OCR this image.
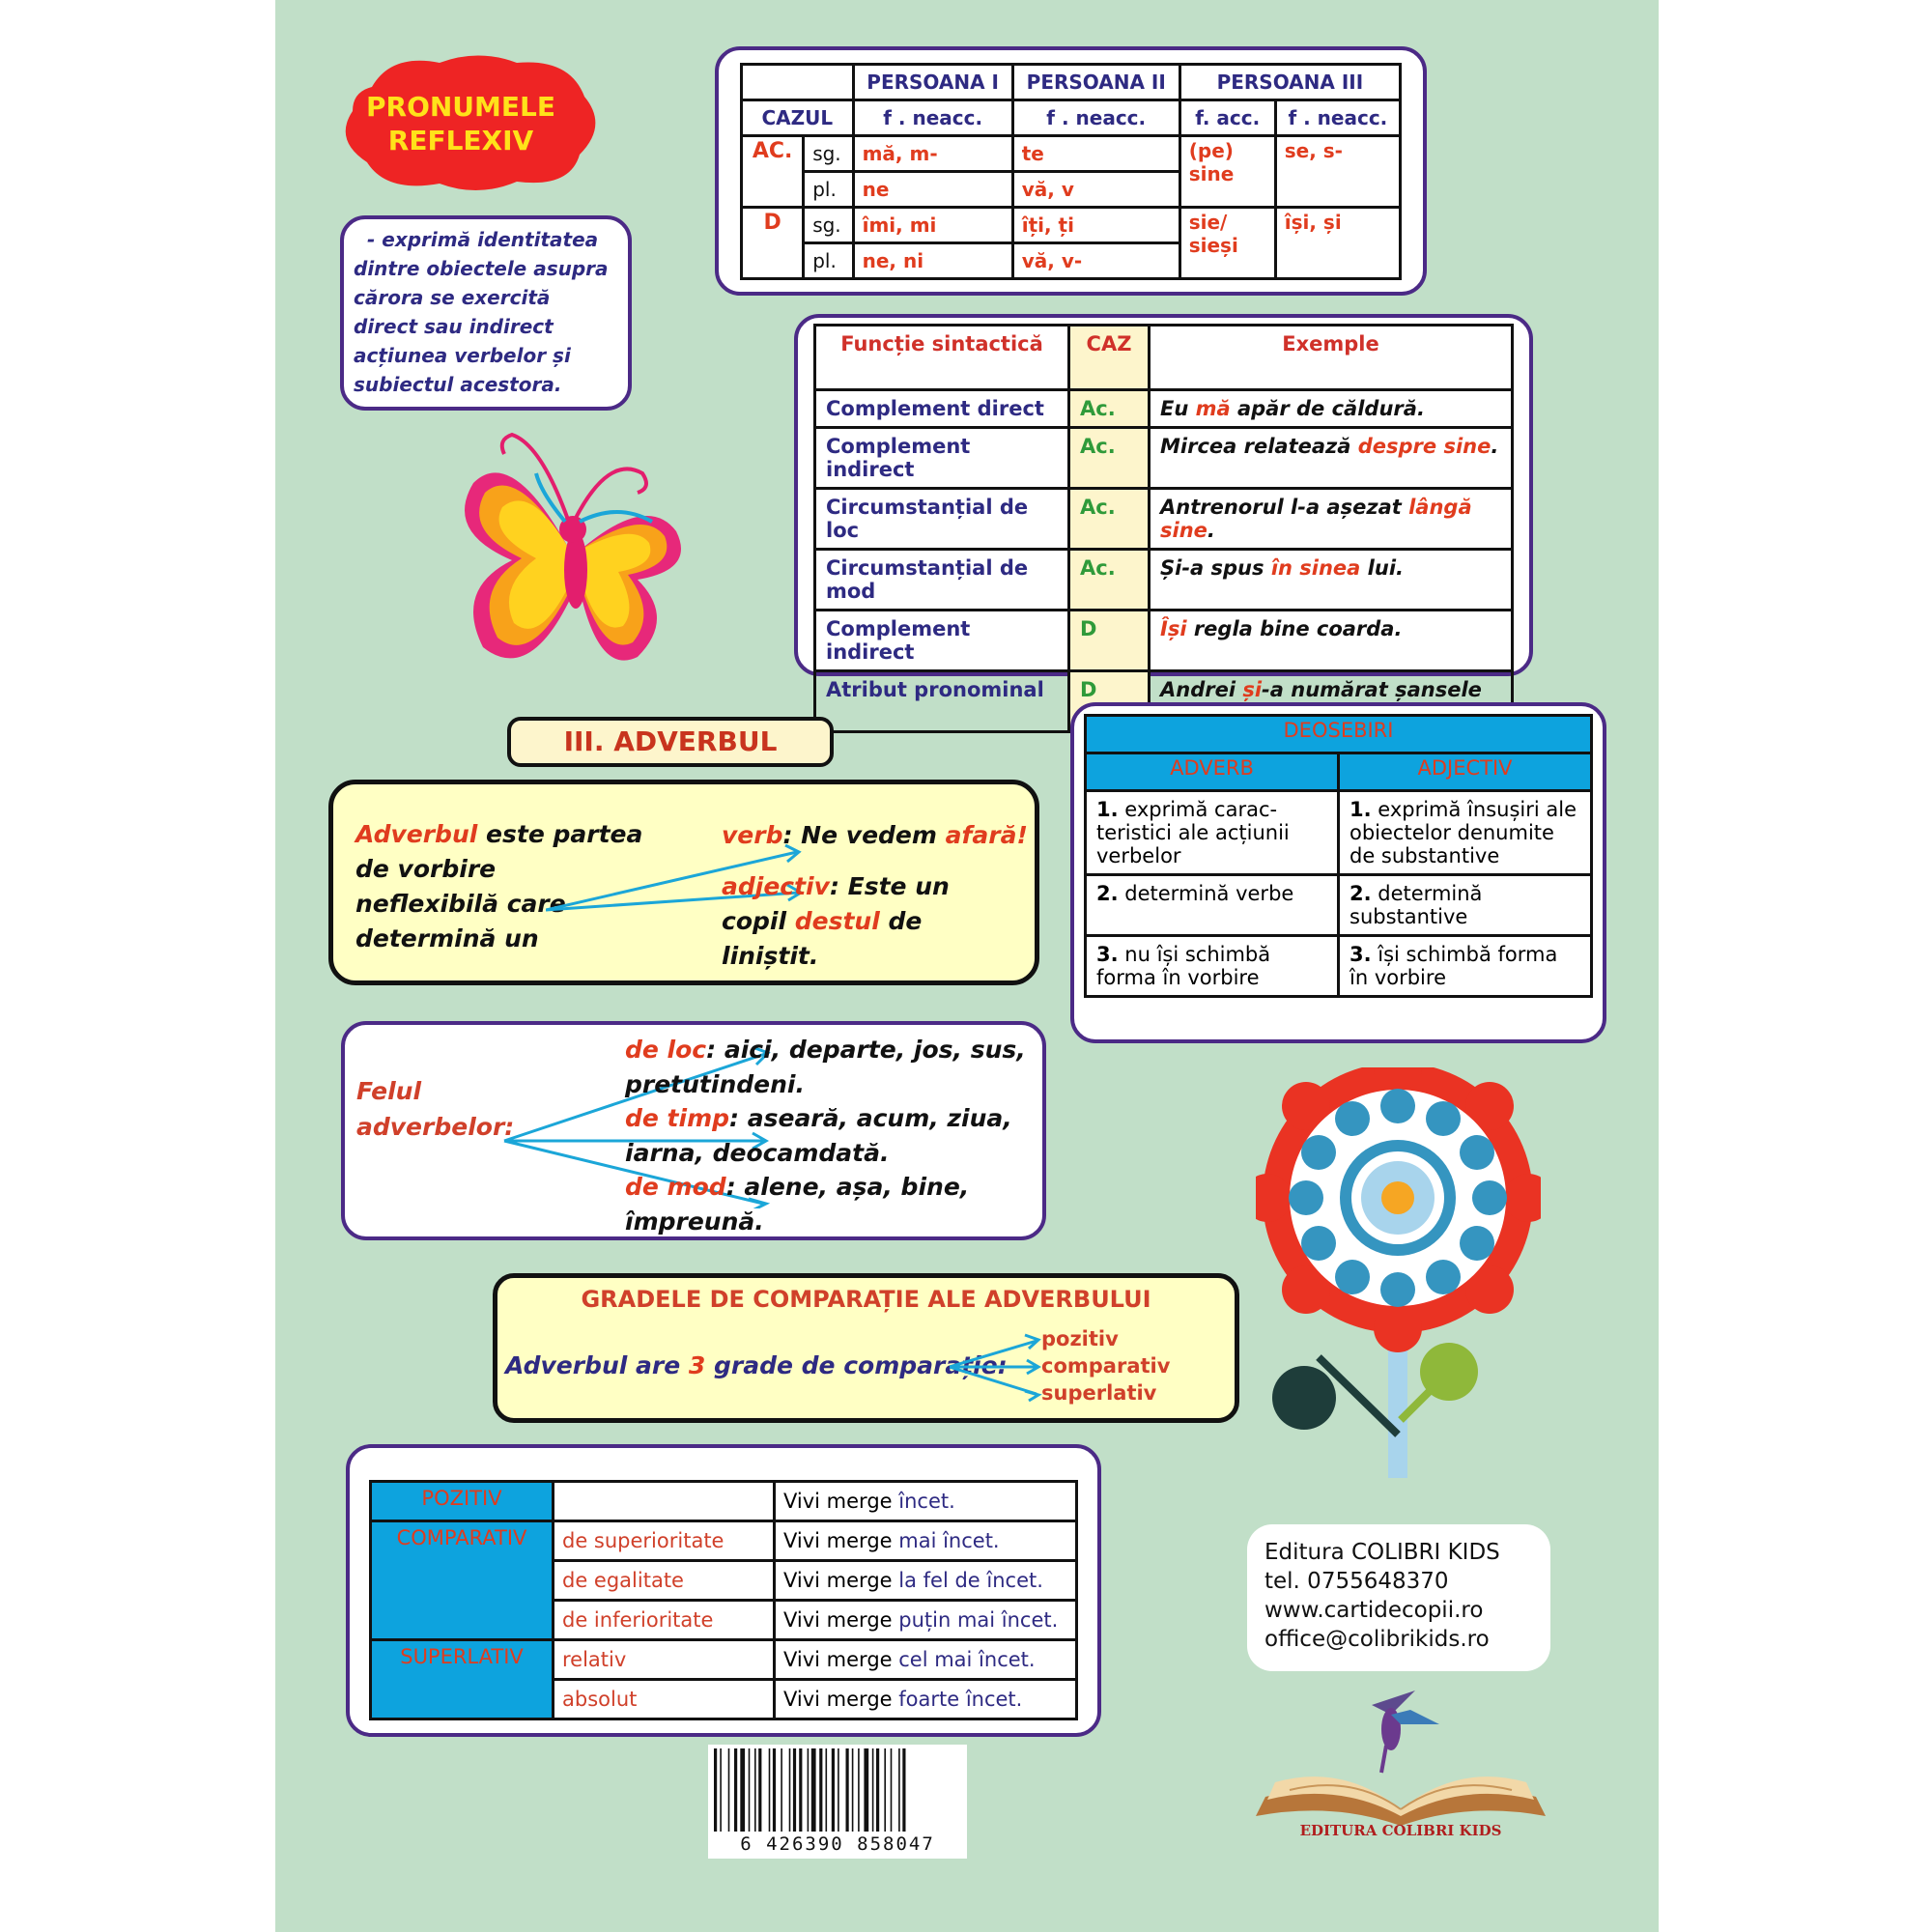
PRONUMELE
REFLEXIV
- exprimă identitatea dintre obiectele asupra cărora se exercită direct sau indirect acțiunea verbelor și subiectul acestora.
		PERSOANA I	PERSOANA II	PERSOANA III	
CAZUL		f . neacc.	f . neacc.	f. acc.	f . neacc.
AC.	sg.	mă, m-	te	(pe) sine	se, s-
	pl.	ne	vă, v		
D	sg.	îmi, mi	îți, ți	sie/ sieși	își, și
	pl.	ne, ni	vă, v-		
Funcție sintactică	CAZ	Exemple
Complement direct	Ac.	Eu mă apăr de căldură.
Complement indirect	Ac.	Mircea relatează despre sine.
Circumstanțial de loc	Ac.	Antrenorul l-a așezat lângă sine.
Circumstanțial de mod	Ac.	Și-a spus în sinea lui.
Complement indirect	D	Își regla bine coarda.
Atribut pronominal	D	Andrei și-a numărat șansele
III. ADVERBUL
Adverbul este partea de vorbire neflexibilă care determină un
verb: Ne vedem afară!
adjectiv: Este un copil destul de liniștit.
DEOSEBIRI	
ADVERB	ADJECTIV
1. exprimă carac-teristici ale acțiunii verbelor	1. exprimă însușiri ale obiectelor denumite de substantive
2. determină verbe	2. determină substantive
3. nu își schimbă forma în vorbire	3. își schimbă forma în vorbire
Felul adverbelor:
de loc: aici, departe, jos, sus, pretutindeni.
de timp: aseară, acum, ziua, iarna, deocamdată.
de mod: alene, așa, bine, împreună.
GRADELE DE COMPARAȚIE ALE ADVERBULUI
Adverbul are 3 grade de comparație:
pozitiv
comparativ
superlativ
POZITIV		Vivi merge încet.
COMPARATIV	de superioritate	Vivi merge mai încet.
	de egalitate	Vivi merge la fel de încet.
	de inferioritate	Vivi merge puțin mai încet.
SUPERLATIV	relativ	Vivi merge cel mai încet.
	absolut	Vivi merge foarte încet.
Editura COLIBRI KIDS
tel. 0755648370
www.cartidecopii.ro
office@colibrikids.ro
EDITURA COLIBRI KIDS
6 426390 858047
